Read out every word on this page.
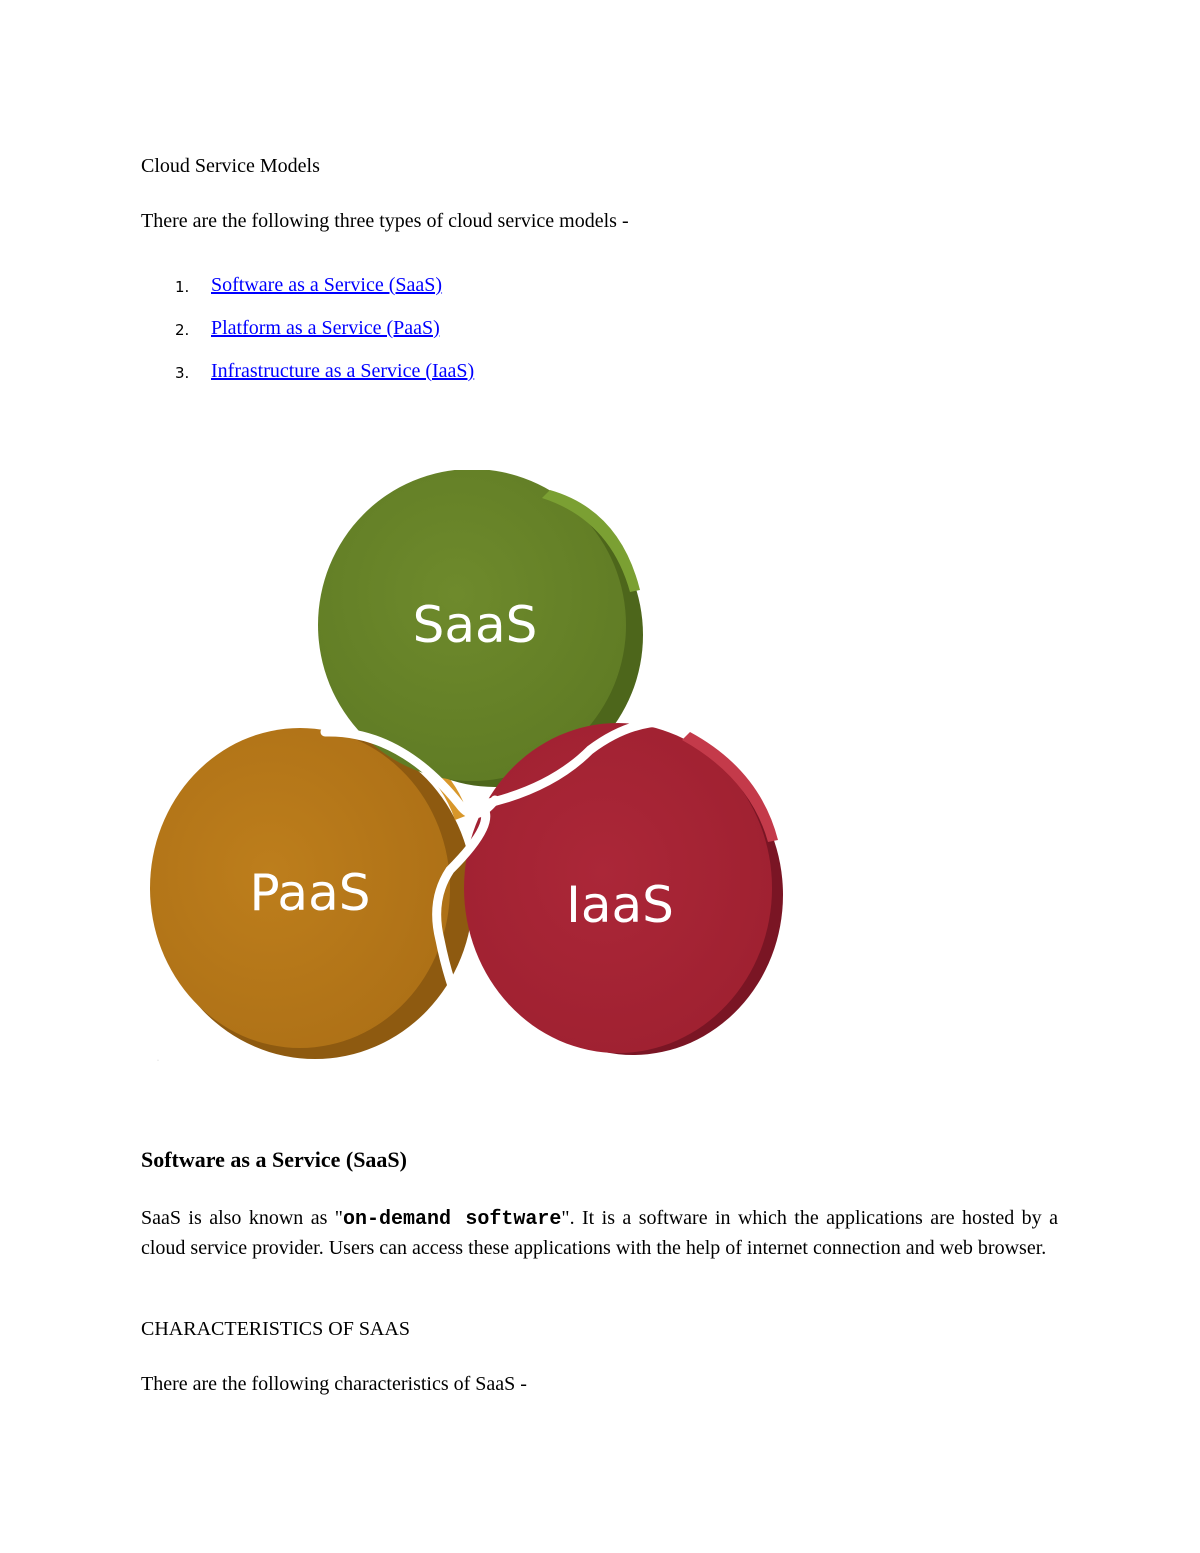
Cloud Service Models
There are the following three types of cloud service models -
1. Software as a Service (SaaS)
2. Platform as a Service (PaaS)
3. Infrastructure as a Service (IaaS)
SaaS
PaaS	IaaS
·
Software as a Service (SaaS)

SaaS is also known as "on-demand software". It is a software in which the applications are hosted by a cloud service provider. Users can access these applications with the help of internet connection and web browser.

CHARACTERISTICS OF SAAS
There are the following characteristics of SaaS -
